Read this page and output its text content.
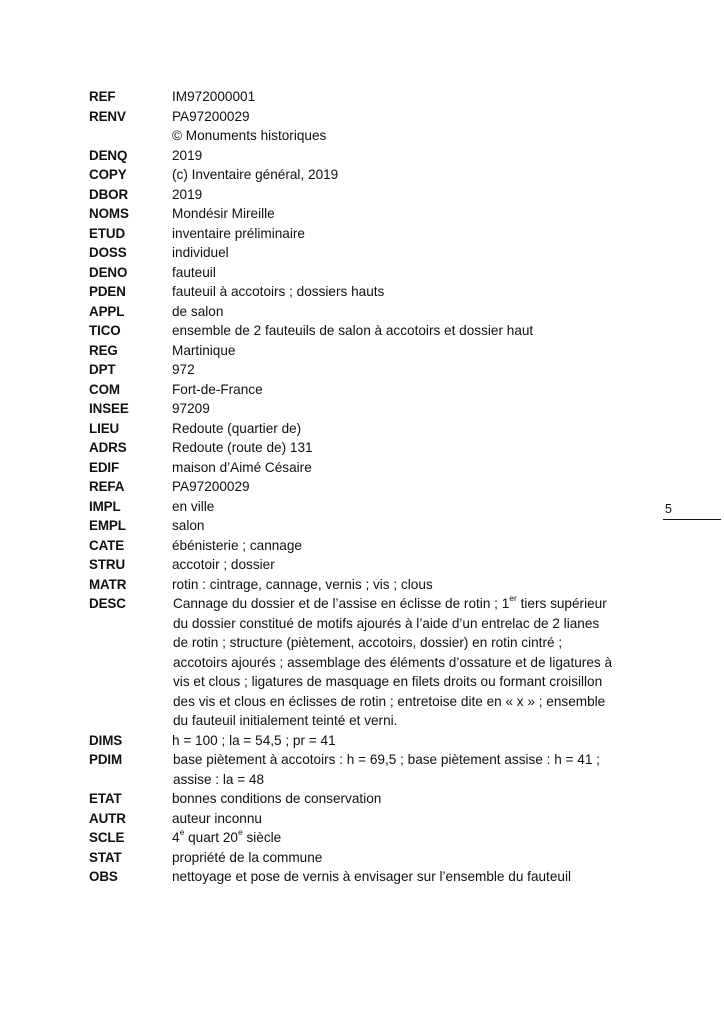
REF	IM972000001
RENV	PA97200029
© Monuments historiques
DENQ	2019
COPY	(c) Inventaire général, 2019
DBOR	2019
NOMS	Mondésir Mireille
ETUD	inventaire préliminaire
DOSS	individuel
DENO	fauteuil
PDEN	fauteuil à accotoirs ; dossiers hauts
APPL	de salon
TICO	ensemble de 2 fauteuils de salon à accotoirs et dossier haut
REG	Martinique
DPT	972
COM	Fort-de-France
INSEE	97209
LIEU	Redoute (quartier de)
ADRS	Redoute (route de) 131
EDIF	maison d’Aimé Césaire
REFA	PA97200029
IMPL	en ville
EMPL	salon
CATE	ébénisterie ; cannage
STRU	accotoir ; dossier
MATR	rotin : cintrage, cannage, vernis ; vis ; clous
DESC	Cannage du dossier et de l’assise en éclisse de rotin ; 1er tiers supérieur
du dossier constitué de motifs ajourés à l’aide d’un entrelac de 2 lianes
de rotin ; structure (piètement, accotoirs, dossier) en rotin cintré ;
accotoirs ajourés ; assemblage des éléments d’ossature et de ligatures à
vis et clous ; ligatures de masquage en filets droits ou formant croisillon
des vis et clous en éclisses de rotin ; entretoise dite en « x » ; ensemble
du fauteuil initialement teinté et verni.
DIMS	h = 100 ; la = 54,5 ; pr = 41
PDIM	base piètement à accotoirs : h = 69,5 ; base piètement assise : h = 41 ;
assise : la = 48
ETAT	bonnes conditions de conservation
AUTR	auteur inconnu
SCLE	4e quart 20e siècle
STAT	propriété de la commune
OBS	nettoyage et pose de vernis à envisager sur l’ensemble du fauteuil
5
